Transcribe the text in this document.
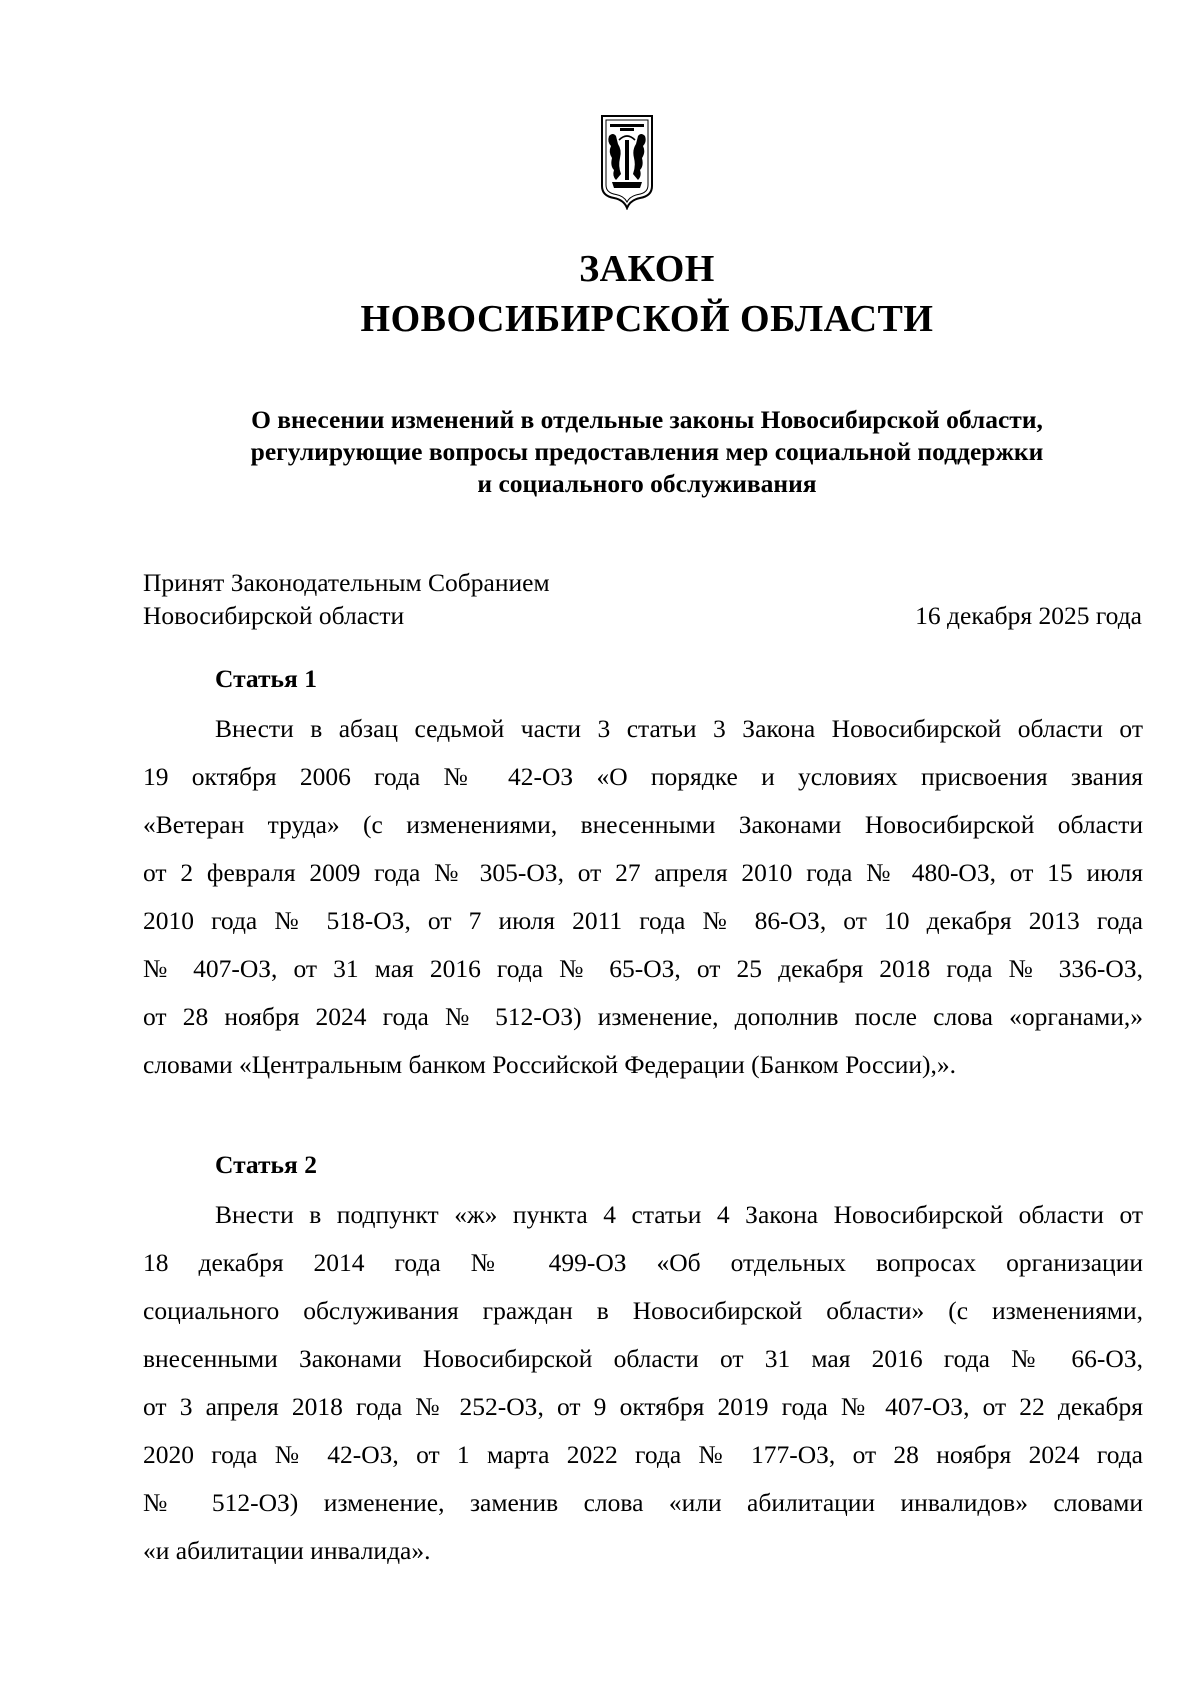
ЗАКОН
НОВОСИБИРСКОЙ ОБЛАСТИ
О внесении изменений в отдельные законы Новосибирской области,
регулирующие вопросы предоставления мер социальной поддержки
и социального обслуживания
Принят Законодательным Собранием
Новосибирской области	16 декабря 2025 года
Статья 1
Внести в абзац седьмой части 3 статьи 3 Закона Новосибирской области от
19 октября 2006 года № 42-ОЗ «О порядке и условиях присвоения звания
«Ветеран труда» (с изменениями, внесенными Законами Новосибирской области
от 2 февраля 2009 года № 305-ОЗ, от 27 апреля 2010 года № 480-ОЗ, от 15 июля
2010 года № 518-ОЗ, от 7 июля 2011 года № 86-ОЗ, от 10 декабря 2013 года
№ 407-ОЗ, от 31 мая 2016 года № 65-ОЗ, от 25 декабря 2018 года № 336-ОЗ,
от 28 ноября 2024 года № 512-ОЗ) изменение, дополнив после слова «органами,»
словами «Центральным банком Российской Федерации (Банком России),».
Статья 2
Внести в подпункт «ж» пункта 4 статьи 4 Закона Новосибирской области от
18 декабря 2014 года № 499-ОЗ «Об отдельных вопросах организации
социального обслуживания граждан в Новосибирской области» (с изменениями,
внесенными Законами Новосибирской области от 31 мая 2016 года № 66-ОЗ,
от 3 апреля 2018 года № 252-ОЗ, от 9 октября 2019 года № 407-ОЗ, от 22 декабря
2020 года № 42-ОЗ, от 1 марта 2022 года № 177-ОЗ, от 28 ноября 2024 года
№ 512-ОЗ) изменение, заменив слова «или абилитации инвалидов» словами
«и абилитации инвалида».
